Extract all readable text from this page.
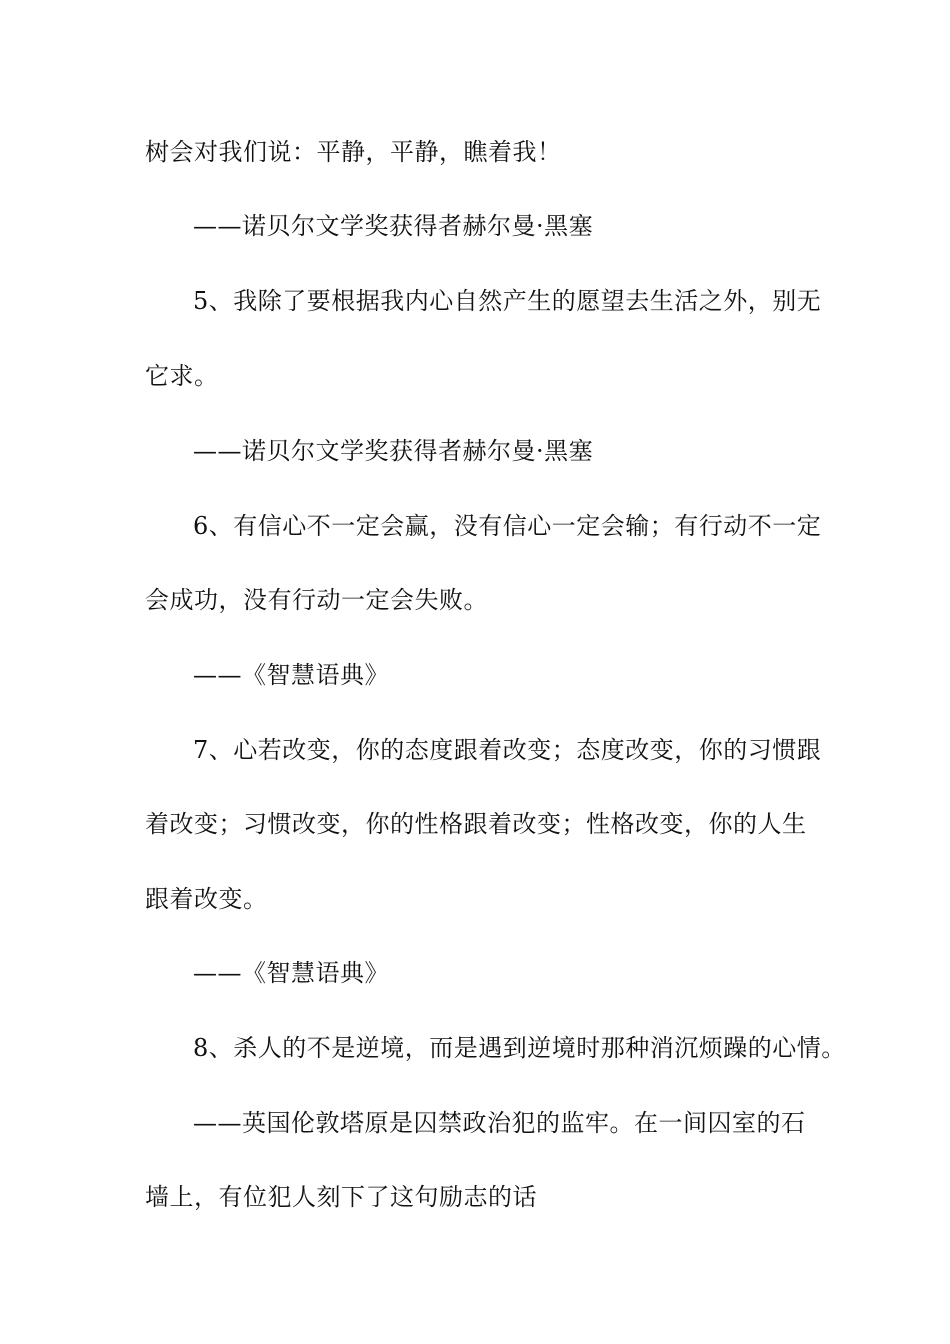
树会对我们说：平静，平静，瞧着我！
——诺贝尔文学奖获得者赫尔曼·黑塞
5、我除了要根据我内心自然产生的愿望去生活之外，别无
它求。
——诺贝尔文学奖获得者赫尔曼·黑塞
6、有信心不一定会赢，没有信心一定会输；有行动不一定
会成功，没有行动一定会失败。
——《智慧语典》
7、心若改变，你的态度跟着改变；态度改变，你的习惯跟
着改变；习惯改变，你的性格跟着改变；性格改变，你的人生
跟着改变。
——《智慧语典》
8、杀人的不是逆境，而是遇到逆境时那种消沉烦躁的心情。
——英国伦敦塔原是囚禁政治犯的监牢。在一间囚室的石
墙上，有位犯人刻下了这句励志的话
